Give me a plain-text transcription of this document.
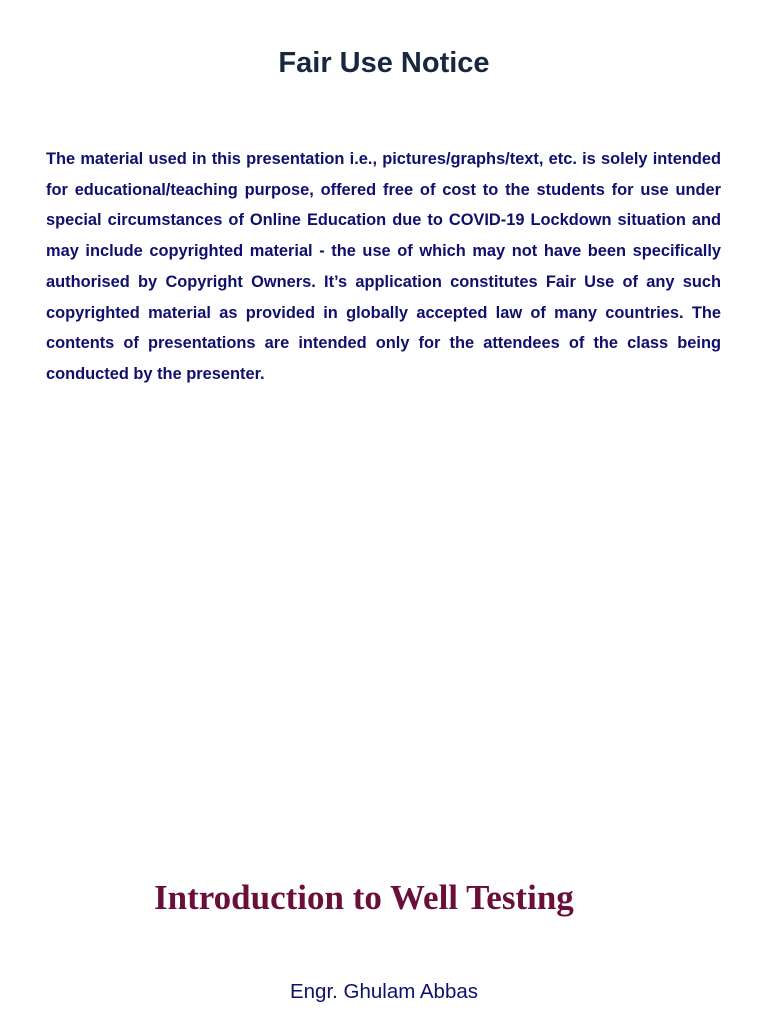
Fair Use Notice

The material used in this presentation i.e., pictures/graphs/text, etc. is solely intended for educational/teaching purpose, offered free of cost to the students for use under special circumstances of Online Education due to COVID-19 Lockdown situation and may include copyrighted material - the use of which may not have been specifically authorised by Copyright Owners. It’s application constitutes Fair Use of any such copyrighted material as provided in globally accepted law of many countries. The contents of presentations are intended only for the attendees of the class being conducted by the presenter.

Introduction to Well Testing

Engr. Ghulam Abbas
